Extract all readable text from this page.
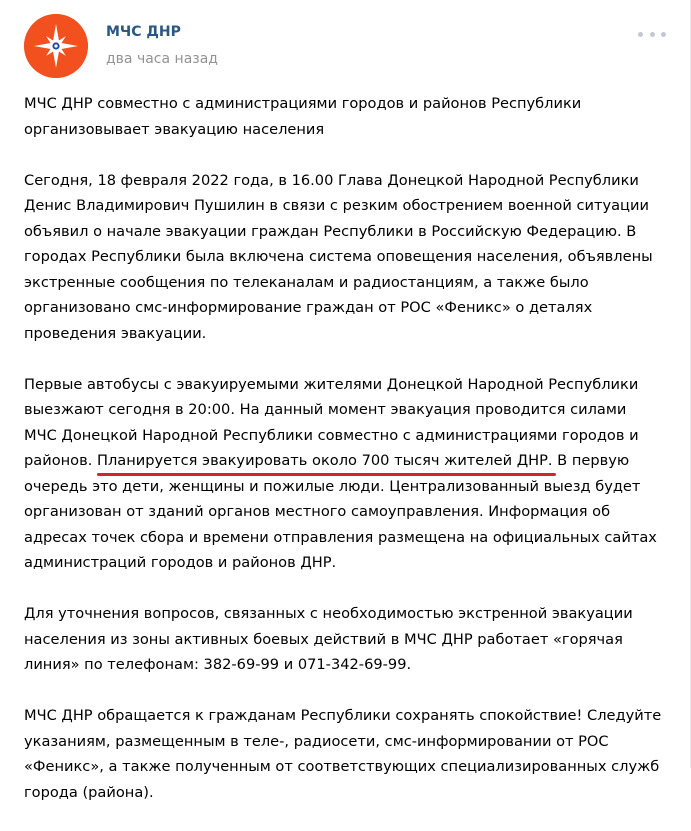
МЧС ДНР
два часа назад

МЧС ДНР совместно с администрациями городов и районов Республики
организовывает эвакуацию населения

Сегодня, 18 февраля 2022 года, в 16.00 Глава Донецкой Народной Республики
Денис Владимирович Пушилин в связи с резким обострением военной ситуации
объявил о начале эвакуации граждан Республики в Российскую Федерацию. В
городах Республики была включена система оповещения населения, объявлены
экстренные сообщения по телеканалам и радиостанциям, а также было
организовано смс-информирование граждан от РОС «Феникс» о деталях
проведения эвакуации.

Первые автобусы с эвакуируемыми жителями Донецкой Народной Республики
выезжают сегодня в 20:00. На данный момент эвакуация проводится силами
МЧС Донецкой Народной Республики совместно с администрациями городов и
районов. Планируется эвакуировать около 700 тысяч жителей ДНР. В первую
очередь это дети, женщины и пожилые люди. Централизованный выезд будет
организован от зданий органов местного самоуправления. Информация об
адресах точек сбора и времени отправления размещена на официальных сайтах
администраций городов и районов ДНР.

Для уточнения вопросов, связанных с необходимостью экстренной эвакуации
населения из зоны активных боевых действий в МЧС ДНР работает «горячая
линия» по телефонам: 382-69-99 и 071-342-69-99.

МЧС ДНР обращается к гражданам Республики сохранять спокойствие! Следуйте
указаниям, размещенным в теле-, радиосети, смс-информировании от РОС
«Феникс», а также полученным от соответствующих специализированных служб
города (района).
